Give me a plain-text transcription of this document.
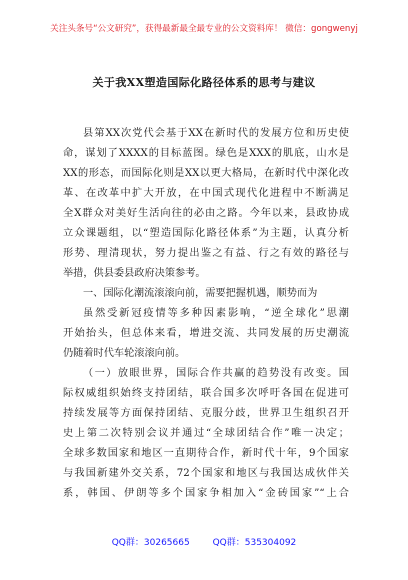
关注头条号“公文研究”，获得最新最全最专业的公文资料库！ 微信：gongwenyj
关于我XX塑造国际化路径体系的思考与建议
县第XX次党代会基于XX在新时代的发展方位和历史使
命，谋划了XXXX的目标蓝图。绿色是XXX的肌底，山水是
XX的形态，而国际化则是XX以更大格局，在新时代中深化改
革、在改革中扩大开放，在中国式现代化进程中不断满足
全X群众对美好生活向往的必由之路。今年以来，县政协成
立众课题组，以“塑造国际化路径体系”为主题，认真分析
形势、理清现状，努力提出鉴之有益、行之有效的路径与
举措，供县委县政府决策参考。
一、国际化潮流滚滚向前，需要把握机遇，顺势而为
虽然受新冠疫情等多种因素影响，“逆全球化”思潮
开始抬头，但总体来看，增进交流、共同发展的历史潮流
仍随着时代车轮滚滚向前。
（一）放眼世界，国际合作共赢的趋势没有改变。国
际权威组织始终支持团结，联合国多次呼吁各国在促进可
持续发展等方面保持团结、克服分歧，世界卫生组织召开
史上第二次特别会议并通过“全球团结合作”唯一决定；
全球多数国家和地区一直期待合作，新时代十年，9个国家
与我国新建外交关系，72个国家和地区与我国达成伙伴关
系，韩国、伊朗等多个国家争相加入“金砖国家”“上合
QQ群：30265665	QQ群：535304092
